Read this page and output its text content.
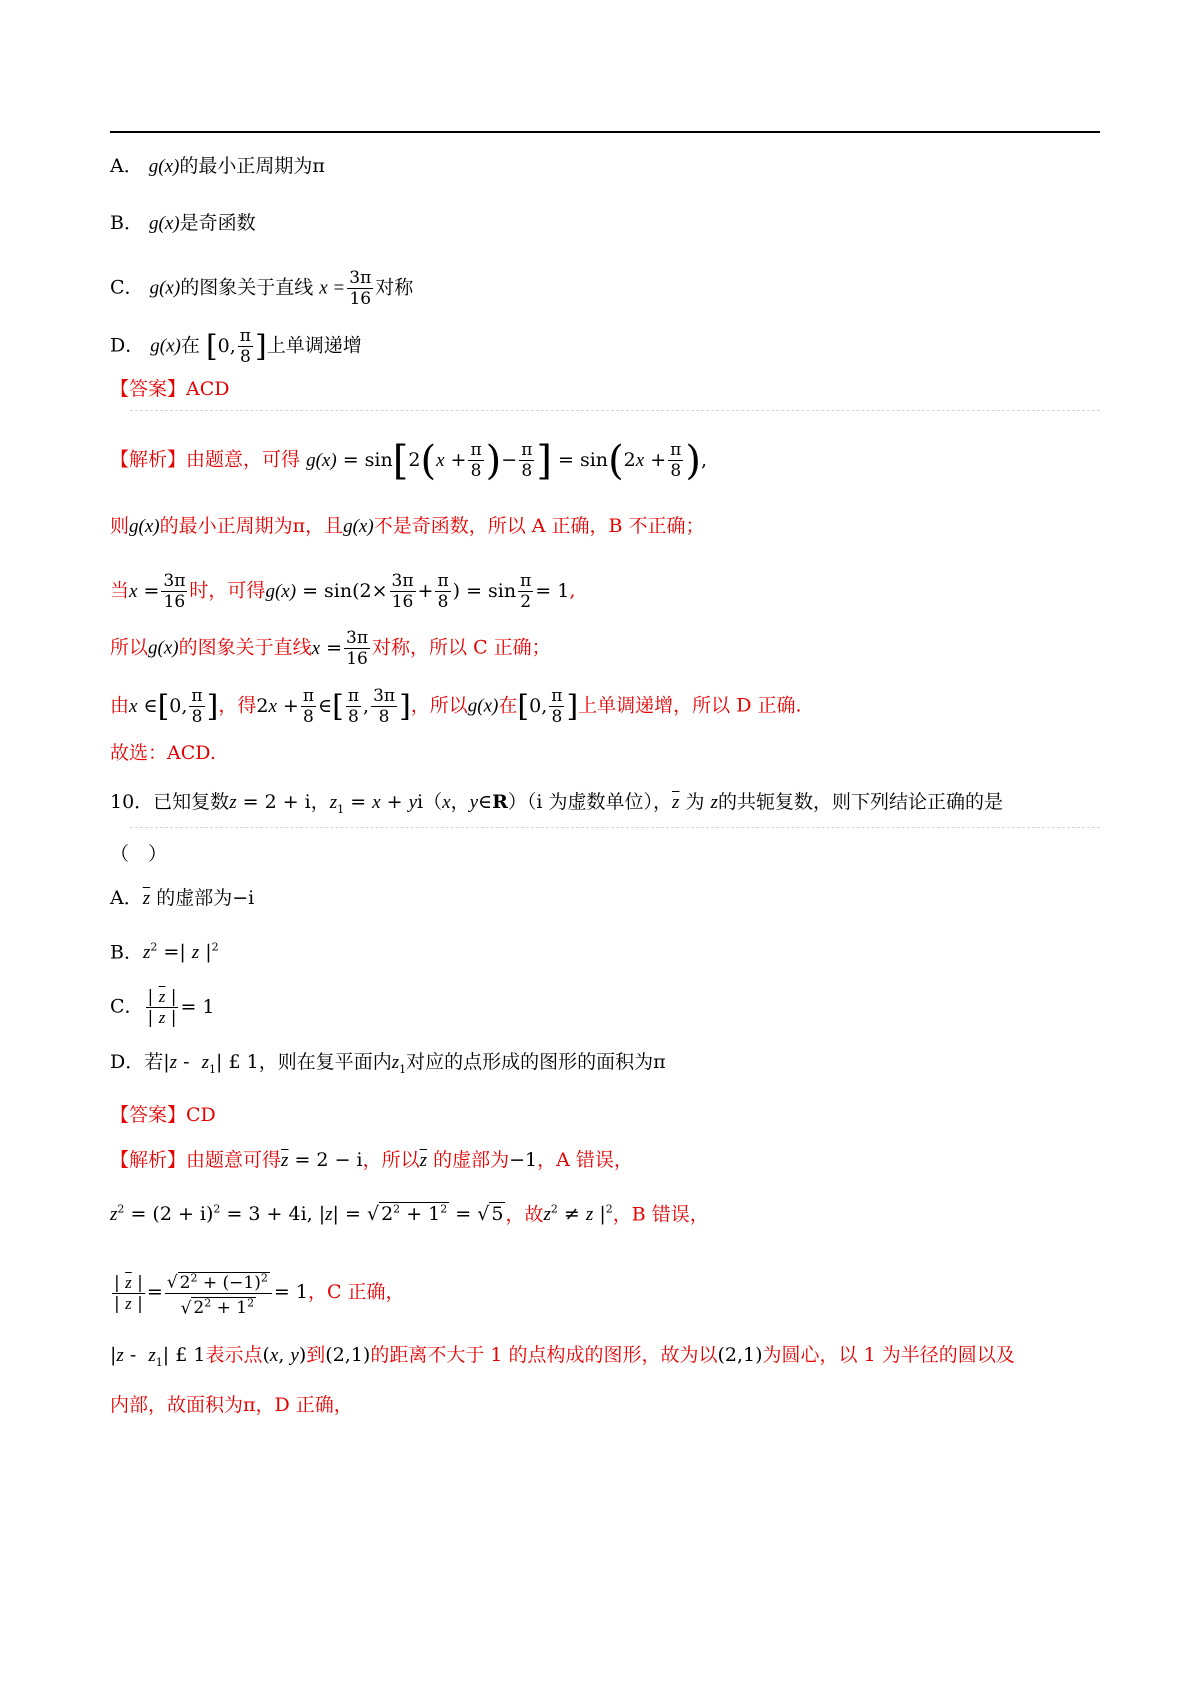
A． g(x)的最小正周期为π
B． g(x)是奇函数
C． g(x)的图象关于直线 $x = \frac{3\pi}{16}$ 对称
D． g(x)在 [0, $\frac{\pi}{8}$ ]上单调递增
【答案】ACD
【解析】由题意，可得 $g(x) = \sin[2(x + \frac{\pi}{8}$ )− $\frac{\pi}{8}$ ] = $\sin(2x + \frac{\pi}{8}$ ),
则g(x)的最小正周期为π，且g(x)不是奇函数，所以 A 正确，B 不正确；
当$x = \frac{3\pi}{16}$ 时，可得$g(x) = \sin(2\times \frac{3\pi}{16} + \frac{\pi}{8}$ ) = $\sin \frac{\pi}{2} = 1$,
所以g(x)的图象关于直线$x = \frac{3\pi}{16}$ 对称，所以 C 正确；
由x ∈[0, $\frac{\pi}{8}$ ]，得$2x + \frac{\pi}{8}$ ∈[ $\frac{\pi}{8}$ , $\frac{3\pi}{8}$ ]，所以g(x)在[0, $\frac{\pi}{8}$ ]上单调递增，所以 D 正确.
故选：ACD.
10．已知复数z = 2 + i，$z_1 = x + yi(x$，y∈R）（i 为虚数单位），$\overline{z}$ 为 z的共轭复数，则下列结论正确的是
（　）
A．$\overline{z}$ 的虚部为−i
B．$z^2$ =| z $|^2$
C． $\frac{| \overline{z} |}{| z |} = 1$
D．若$|z - z_1|$ £ 1，则在复平面内$z_1$对应的点形成的图形的面积为π
【答案】CD
【解析】由题意可得$\overline{z} = 2 - i$，所以$\overline{z}$ 的虚部为−1，A 错误，
$z^2 = (2 + i)^2 = 3 + 4i$, |z| = √ $2^2 + 1^2$ = √ 5 ，故$z^2 \ne z$ $|^2$，B 错误，
$\frac{| \overline{z} |}{| z |} = \frac{√ 2^2 + (-1)^2}{√ 2^2 + 1^2} = 1$，C 正确，
$|z - z_1|$ £ 1表示点(x, y)到(2,1)的距离不大于 1 的点构成的图形，故为以(2,1)为圆心，以 1 为半径的圆以及
内部，故面积为π，D 正确，
